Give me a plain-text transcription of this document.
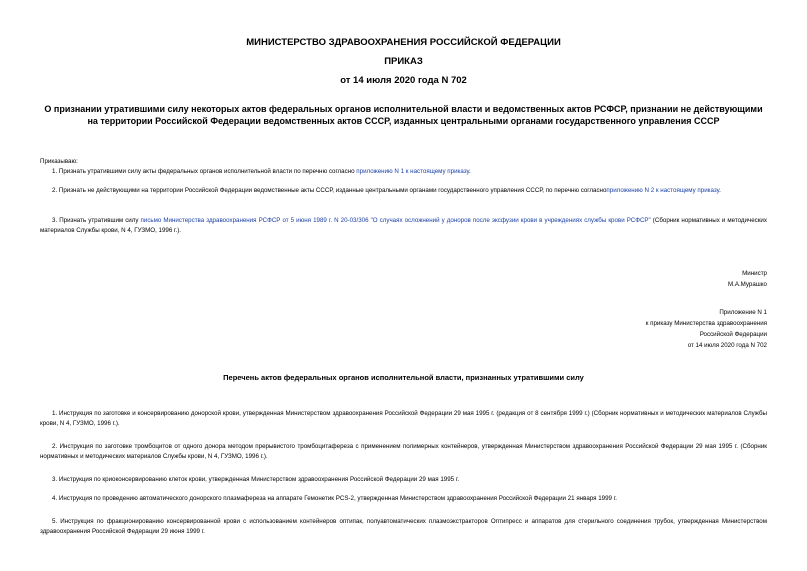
МИНИСТЕРСТВО ЗДРАВООХРАНЕНИЯ РОССИЙСКОЙ ФЕДЕРАЦИИ
ПРИКАЗ
от 14 июля 2020 года N 702
О признании утратившими силу некоторых актов федеральных органов исполнительной власти и ведомственных актов РСФСР, признании не действующими на территории Российской Федерации ведомственных актов СССР, изданных центральными органами государственного управления СССР
Приказываю:
1. Признать утратившими силу акты федеральных органов исполнительной власти по перечню согласно приложению N 1 к настоящему приказу.
2. Признать не действующими на территории Российской Федерации ведомственные акты СССР, изданные центральными органами государственного управления СССР, по перечню согласноприложению N 2 к настоящему приказу.
3. Признать утратившим силу письмо Министерства здравоохранения РСФСР от 5 июня 1989 г. N 20-03/306 "О случаях осложнений у доноров после эксфузии крови в учреждениях службы крови РСФСР" (Сборник нормативных и методических материалов Службы крови, N 4, ГУЗМО, 1996 г.).
Министр
М.А.Мурашко
Приложение N 1
к приказу Министерства здравоохранения
Российской Федерации
от 14 июля 2020 года N 702
Перечень актов федеральных органов исполнительной власти, признанных утратившими силу
1. Инструкция по заготовке и консервированию донорской крови, утвержденная Министерством здравоохранения Российской Федерации 29 мая 1995 г. (редакция от 8 сентября 1999 г.) (Сборник нормативных и методических материалов Службы крови, N 4, ГУЗМО, 1996 г.).
2. Инструкция по заготовке тромбоцитов от одного донора методом прерывистого тромбоцитафереза с применением полимерных контейнеров, утвержденная Министерством здравоохранения Российской Федерации 29 мая 1995 г. (Сборник нормативных и методических материалов Службы крови, N 4, ГУЗМО, 1996 г.).
3. Инструкция по криоконсервированию клеток крови, утвержденная Министерством здравоохранения Российской Федерации 29 мая 1995 г.
4. Инструкция по проведению автоматического донорского плазмафереза на аппарате Гемонетик PCS-2, утвержденная Министерством здравоохранения Российской Федерации 21 января 1999 г.
5. Инструкция по фракционированию консервированной крови с использованием контейнеров оптипак, полуавтоматических плазмоэкстракторов Оптипресс и аппаратов для стерильного соединения трубок, утвержденная Министерством здравоохранения Российской Федерации 29 июня 1999 г.
